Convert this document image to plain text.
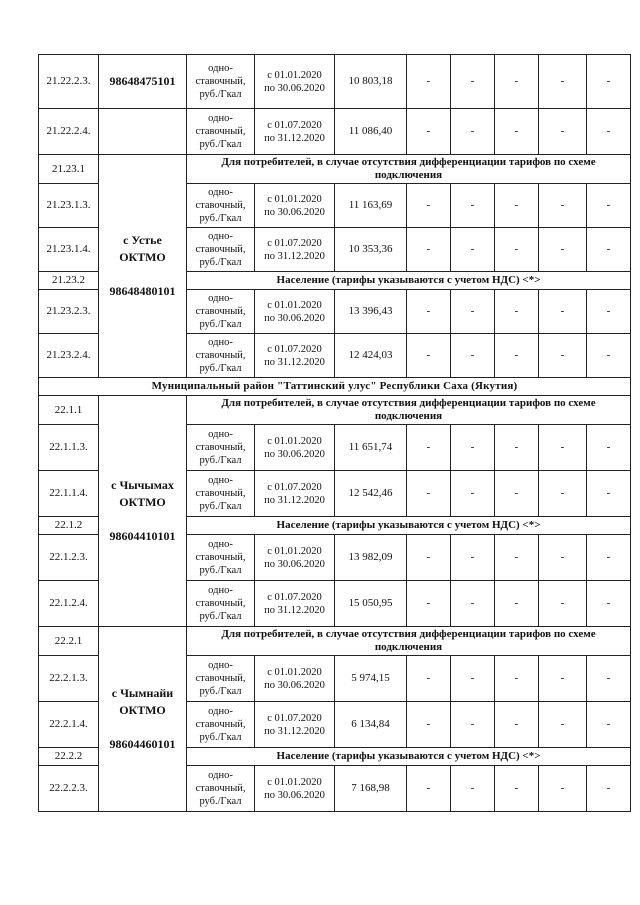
21.22.2.3.	98648475101	одно-
ставочный,
руб./Гкал	с 01.01.2020
по 30.06.2020	10 803,18	-	-	-	-	-
21.22.2.4.		одно-
ставочный,
руб./Гкал	с 01.07.2020
по 31.12.2020	11 086,40	-	-	-	-	-
21.23.1	с Устье
ОКТМО

98648480101	Для потребителей, в случае отсутствия дифференциации тарифов по схеме подключения							
21.23.1.3.		одно-
ставочный,
руб./Гкал	с 01.01.2020
по 30.06.2020	11 163,69	-	-	-	-	-
21.23.1.4.		одно-
ставочный,
руб./Гкал	с 01.07.2020
по 31.12.2020	10 353,36	-	-	-	-	-
21.23.2		Население (тарифы указываются с учетом НДС) <*>							
21.23.2.3.		одно-
ставочный,
руб./Гкал	с 01.01.2020
по 30.06.2020	13 396,43	-	-	-	-	-
21.23.2.4.		одно-
ставочный,
руб./Гкал	с 01.07.2020
по 31.12.2020	12 424,03	-	-	-	-	-
Муниципальный район "Таттинский улус" Республики Саха (Якутия)									
22.1.1	с Чычымах
ОКТМО

98604410101	Для потребителей, в случае отсутствия дифференциации тарифов по схеме подключения							
22.1.1.3.		одно-
ставочный,
руб./Гкал	с 01.01.2020
по 30.06.2020	11 651,74	-	-	-	-	-
22.1.1.4.		одно-
ставочный,
руб./Гкал	с 01.07.2020
по 31.12.2020	12 542,46	-	-	-	-	-
22.1.2		Население (тарифы указываются с учетом НДС) <*>							
22.1.2.3.		одно-
ставочный,
руб./Гкал	с 01.01.2020
по 30.06.2020	13 982,09	-	-	-	-	-
22.1.2.4.		одно-
ставочный,
руб./Гкал	с 01.07.2020
по 31.12.2020	15 050,95	-	-	-	-	-
22.2.1	с Чымнайи
ОКТМО

98604460101	Для потребителей, в случае отсутствия дифференциации тарифов по схеме подключения							
22.2.1.3.		одно-
ставочный,
руб./Гкал	с 01.01.2020
по 30.06.2020	5 974,15	-	-	-	-	-
22.2.1.4.		одно-
ставочный,
руб./Гкал	с 01.07.2020
по 31.12.2020	6 134,84	-	-	-	-	-
22.2.2		Население (тарифы указываются с учетом НДС) <*>							
22.2.2.3.		одно-
ставочный,
руб./Гкал	с 01.01.2020
по 30.06.2020	7 168,98	-	-	-	-	-
